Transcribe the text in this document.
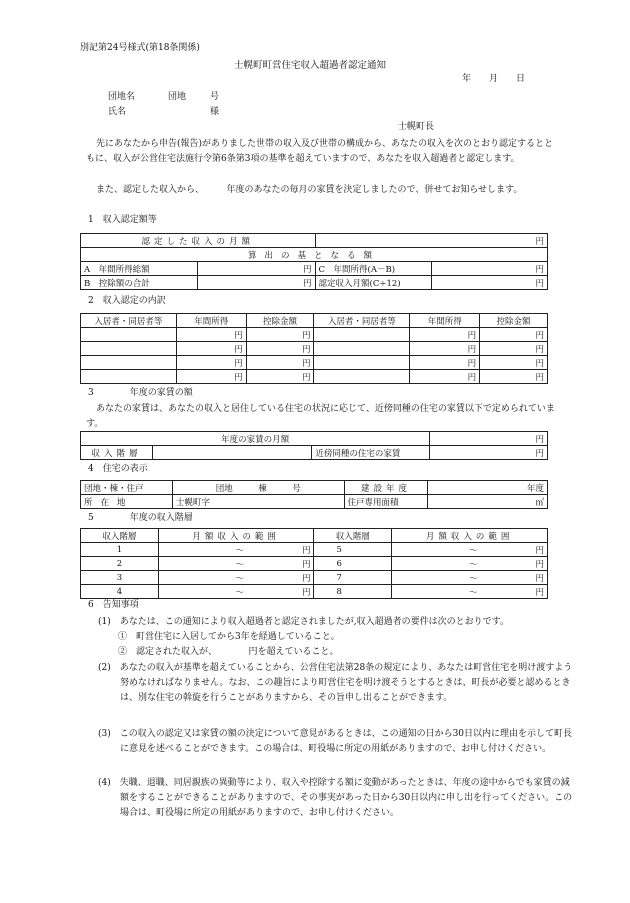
別記第24号様式(第18条関係)
士幌町町営住宅収入超過者認定通知
年　　月　　日
団地名	団地	号
氏名	様
士幌町長
先にあなたから申告(報告)がありました世帯の収入及び世帯の構成から、あなたの収入を次のとおり認定するとともに、収入が公営住宅法施行令第6条第3項の基準を超えていますので、あなたを収入超過者と認定します。
また、認定した収入から、　　　年度のあなたの毎月の家賃を決定しましたので、併せてお知らせします。
1　収入認定額等
認定した収入の月額		円	
算出の基となる額			
A　年間所得総額	円	C　年間所得(A－B)	円
B　控除額の合計	円	認定収入月額(C÷12)	円
2　収入認定の内訳
入居者・同居者等	年間所得	控除金額	入居者・同居者等	年間所得	控除金額
	円	円		円	円
	円	円		円	円
	円	円		円	円
	円	円		円	円
3　　　　年度の家賃の額
あなたの家賃は、あなたの収入と居住している住宅の状況に応じて、近傍同種の住宅の家賃以下で定められています。
年度の家賃の月額			円
収入階層		近傍同種の住宅の家賃	円
4　住宅の表示
団地・棟・住戸	団地　　　棟　　　号	建設年度	年度
所在地	士幌町字	住戸専用面積	㎡
5　　　　年度の収入階層
収入階層	月額収入の範囲	収入階層	月額収入の範囲
1	～ 円	5	～ 円
2	～ 円	6	～ 円
3	～ 円	7	～ 円
4	～ 円	8	～ 円
6　告知事項
(1)　あなたは、この通知により収入超過者と認定されましたが,収入超過者の要件は次のとおりです。
①　町営住宅に入居してから3年を経過していること。
②　認定された収入が、　　　　円を超えていること。
(2)　あなたの収入が基準を超えていることから、公営住宅法第28条の規定により、あなたは町営住宅を明け渡すよう努めなければなりません。なお、この趣旨により町営住宅を明け渡そうとするときは、町長が必要と認めるときは、別な住宅の斡旋を行うことがありますから、その旨申し出ることができます。
(3)　この収入の認定又は家賃の額の決定について意見があるときは、この通知の日から30日以内に理由を示して町長に意見を述べることができます。この場合は、町役場に所定の用紙がありますので、お申し付けください。
(4)　失職、退職、同居親族の異動等により、収入や控除する額に変動があったときは、年度の途中からでも家賃の減額をすることができることがありますので、その事実があった日から30日以内に申し出を行ってください。この場合は、町役場に所定の用紙がありますので、お申し付けください。
